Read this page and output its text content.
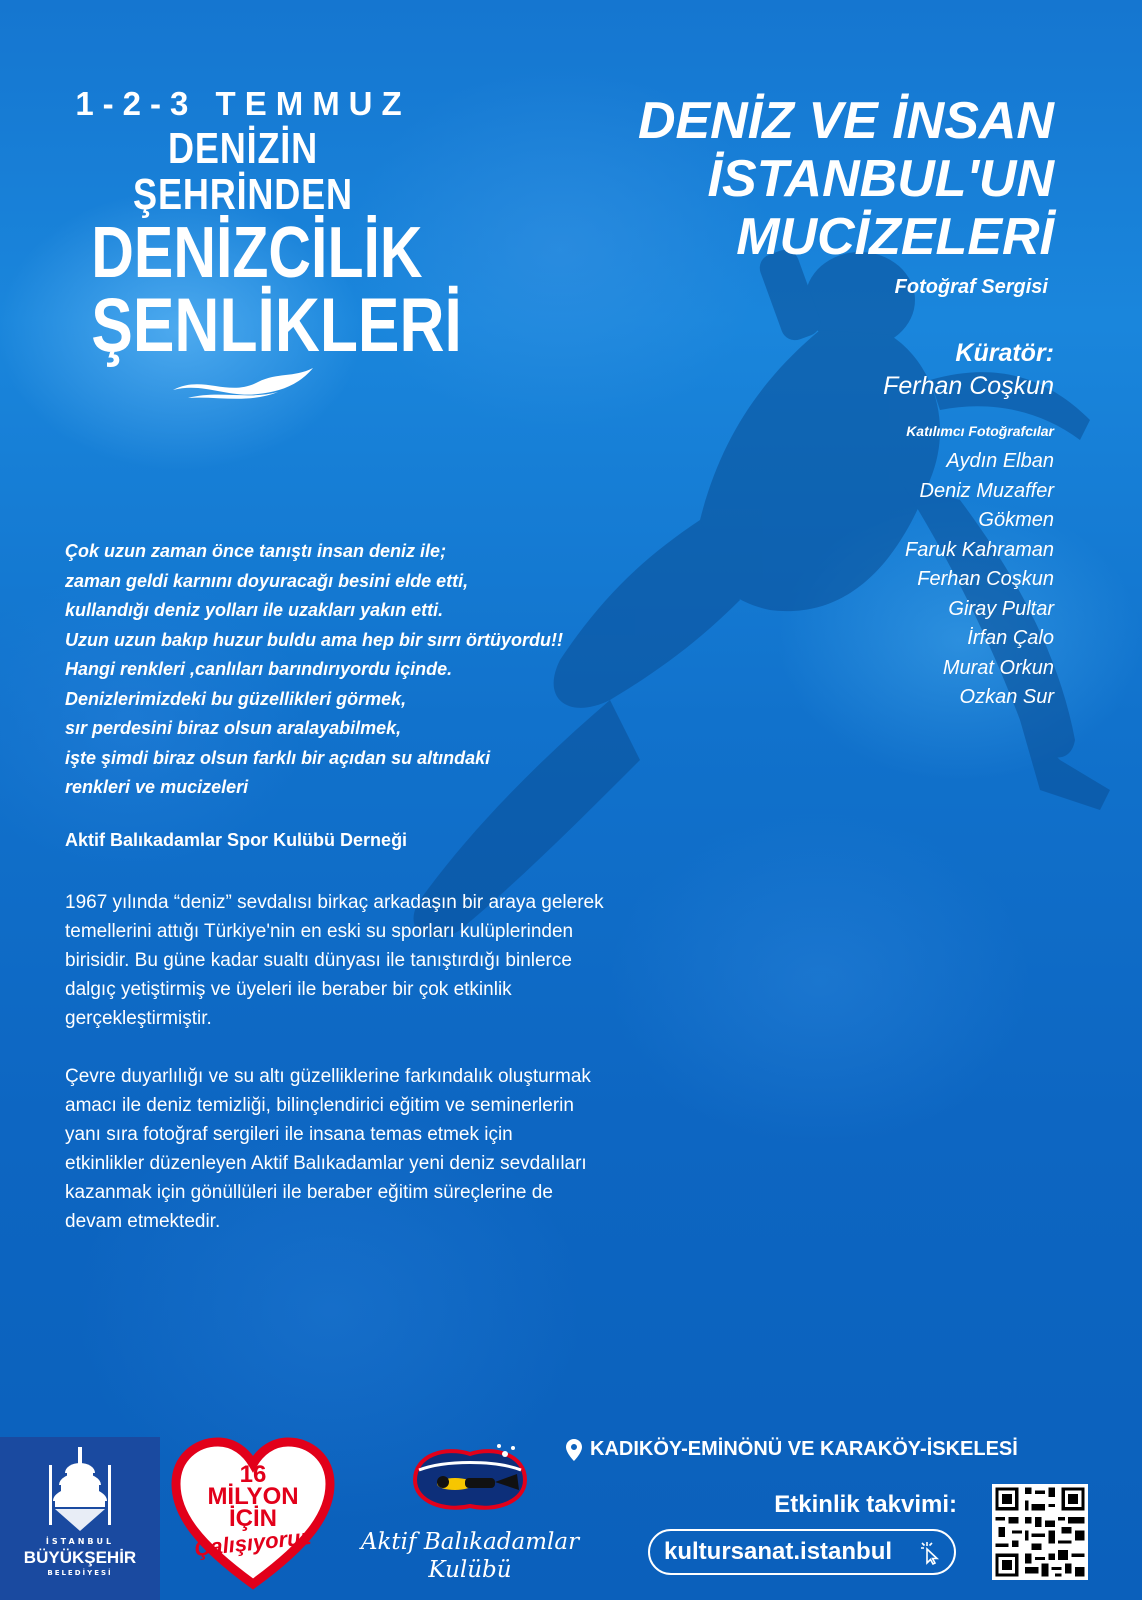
1-2-3 TEMMUZ

DENİZİN ŞEHRİNDEN

DENİZCİLİK

ŞENLİKLERİ

DENİZ VE İNSAN

İSTANBUL'UN

MUCİZELERİ

Fotoğraf Sergisi

Küratör:

Ferhan Coşkun

Katılımcı Fotoğrafcılar

Aydın Elban

Deniz Muzaffer

Gökmen

Faruk Kahraman

Ferhan Coşkun

Giray Pultar

İrfan Çalo

Murat Orkun

Ozkan Sur

Çok uzun zaman önce tanıştı insan deniz ile;

zaman geldi karnını doyuracağı besini elde etti,

kullandığı deniz yolları ile uzakları yakın etti.

Uzun uzun bakıp huzur buldu ama hep bir sırrı örtüyordu!!

Hangi renkleri ,canlıları barındırıyordu içinde.

Denizlerimizdeki bu güzellikleri görmek,

sır perdesini biraz olsun aralayabilmek,

işte şimdi biraz olsun farklı bir açıdan su altındaki

renkleri ve mucizeleri

Aktif Balıkadamlar Spor Kulübü Derneği

1967 yılında “deniz” sevdalısı birkaç arkadaşın bir araya gelerek
temellerini attığı Türkiye'nin en eski su sporları kulüplerinden
birisidir. Bu güne kadar sualtı dünyası ile tanıştırdığı binlerce
dalgıç yetiştirmiş ve üyeleri ile beraber bir çok etkinlik
gerçekleştirmiştir.
Çevre duyarlılığı ve su altı güzelliklerine farkındalık oluşturmak
amacı ile deniz temizliği, bilinçlendirici eğitim ve seminerlerin
yanı sıra fotoğraf sergileri ile insana temas etmek için
etkinlikler düzenleyen Aktif Balıkadamlar yeni deniz sevdalıları
kazanmak için gönüllüleri ile beraber eğitim süreçlerine de
devam etmektedir.

İSTANBUL

BÜYÜKŞEHİR

BELEDİYESİ

16

MİLYON

İÇİN

Çalışıyoruz	Aktif Balıkadamlar
Kulübü

KADIKÖY-EMİNÖNÜ VE KARAKÖY-İSKELESİ

Etkinlik takvimi:

kultursanat.istanbul
